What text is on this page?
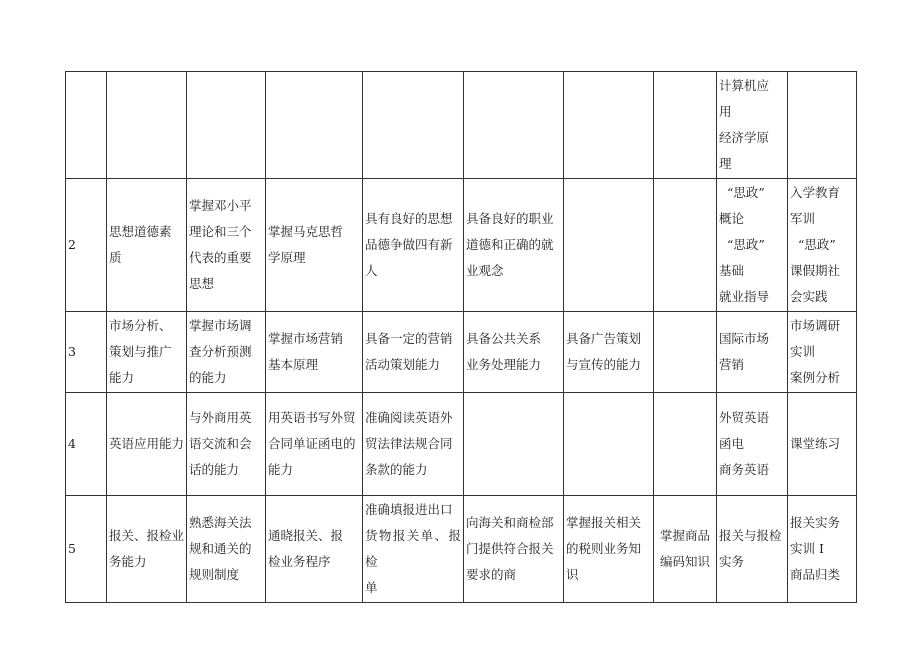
								计算机应
用
经济学原
理	

2	思想道德素
质	掌握邓小平
理论和三个
代表的重要
思想	掌握马克思哲
学原理	具有良好的思想
品德争做四有新
人	具备良好的职业
道德和正确的就
业观念			“思政”
概论
“思政”
基础
就业指导	入学教育
军训
“思政”
课假期社
会实践

3	市场分析、
策划与推广
能力	掌握市场调
查分析预测
的能力	掌握市场营销
基本原理	具备一定的营销
活动策划能力	具备公共关系
业务处理能力	具备广告策划
与宣传的能力		国际市场
营销	市场调研
实训
案例分析

4	英语应用能力	与外商用英
语交流和会
话的能力	用英语书写外贸
合同单证函电的
能力	准确阅读英语外
贸法律法规合同
条款的能力				外贸英语
函电
商务英语	课堂练习
5	报关、报检业
务能力	熟悉海关法
规和通关的
规则制度	通晓报关、报
检业务程序	准确填报进出口
货物报关单、报检
单	向海关和商检部
门提供符合报关
要求的商	掌握报关相关
的税则业务知
识	掌握商品
编码知识	报关与报检
实务	报关实务
实训 I
商品归类
